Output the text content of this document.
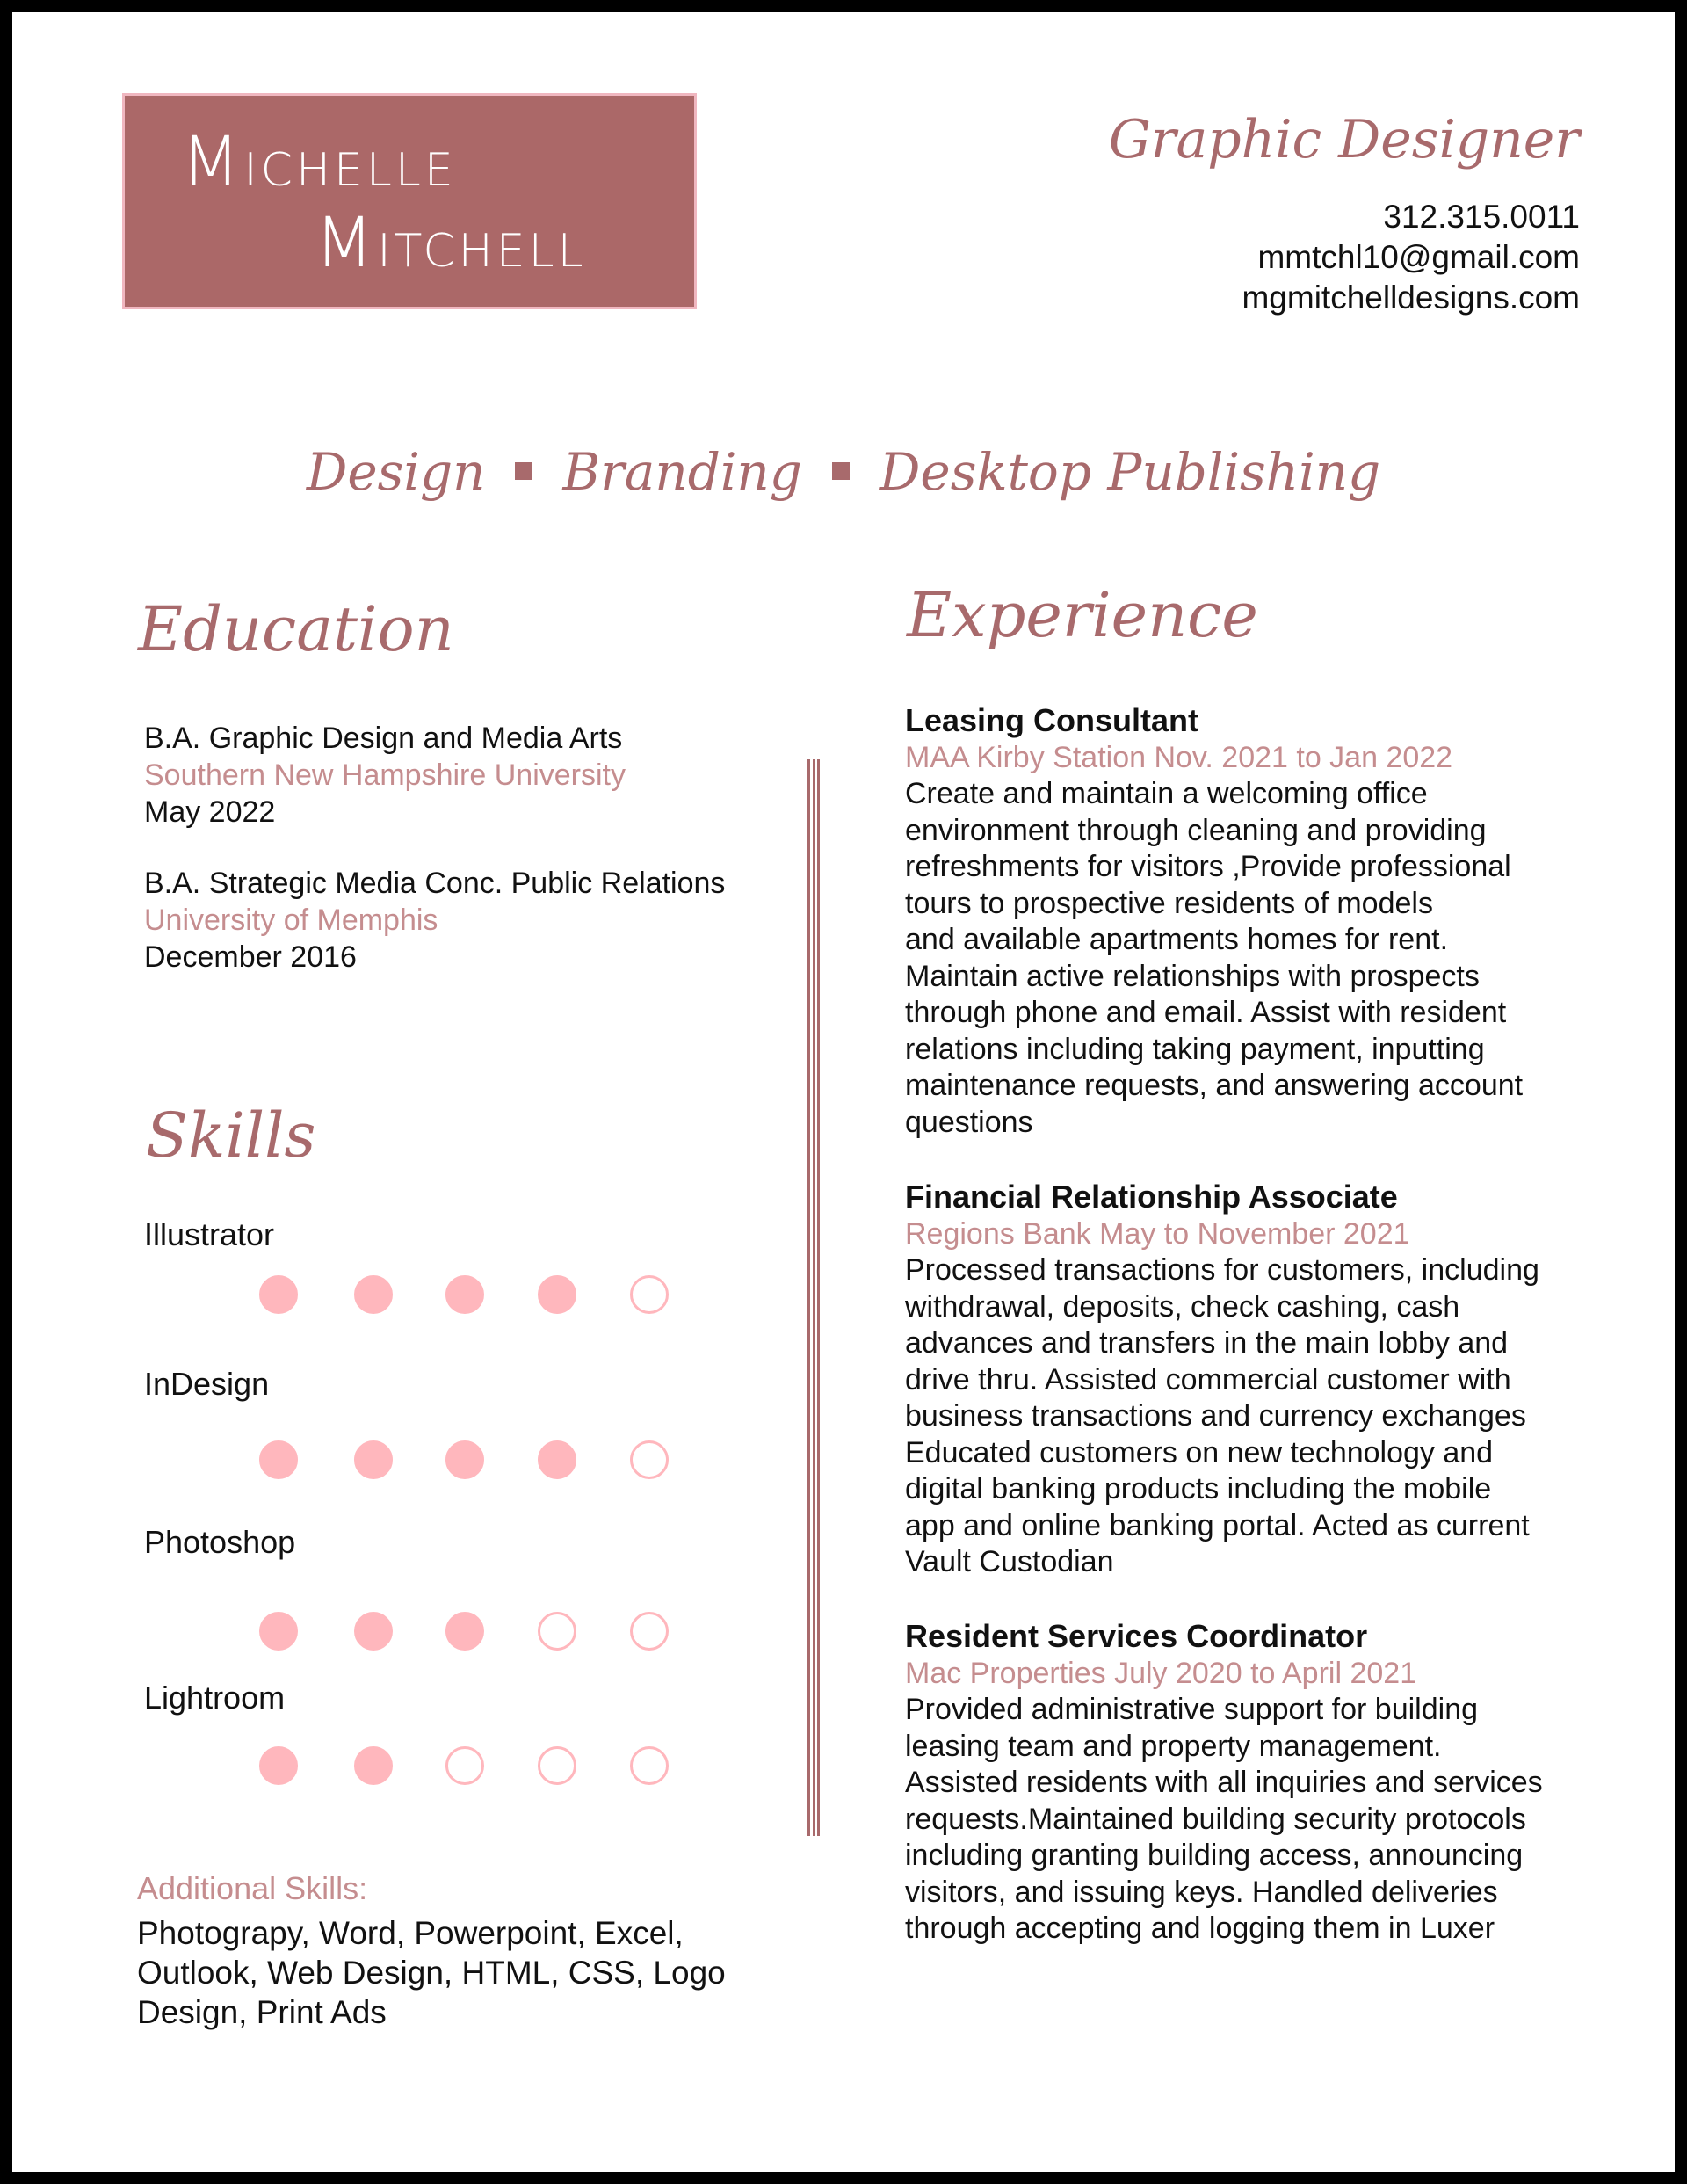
MICHELLE
MITCHELL
Graphic Designer
312.315.0011
mmtchl10@gmail.com
mgmitchelldesigns.com
Design Branding Desktop Publishing
Education
B.A. Graphic Design and Media Arts
Southern New Hampshire University
May 2022
B.A. Strategic Media Conc. Public Relations
University of Memphis
December 2016
Skills
Illustrator
InDesign
Photoshop
Lightroom
Additional Skills:
Photograpy, Word, Powerpoint, Excel, Outlook, Web Design, HTML, CSS, Logo Design, Print Ads
Experience
Leasing Consultant
MAA Kirby Station Nov. 2021 to Jan 2022
Create and maintain a welcoming office
environment through cleaning and providing
refreshments for visitors ,Provide professional
tours to prospective residents of models
and available apartments homes for rent.
Maintain active relationships with prospects
through phone and email. Assist with resident
relations including taking payment, inputting
maintenance requests, and answering account
questions
Financial Relationship Associate
Regions Bank May to November 2021
Processed transactions for customers, including
withdrawal, deposits, check cashing, cash
advances and transfers in the main lobby and
drive thru. Assisted commercial customer with
business transactions and currency exchanges
Educated customers on new technology and
digital banking products including the mobile
app and online banking portal. Acted as current
Vault Custodian
Resident Services Coordinator
Mac Properties July 2020 to April 2021
Provided administrative support for building
leasing team and property management.
Assisted residents with all inquiries and services
requests.Maintained building security protocols
including granting building access, announcing
visitors, and issuing keys. Handled deliveries
through accepting and logging them in Luxer
